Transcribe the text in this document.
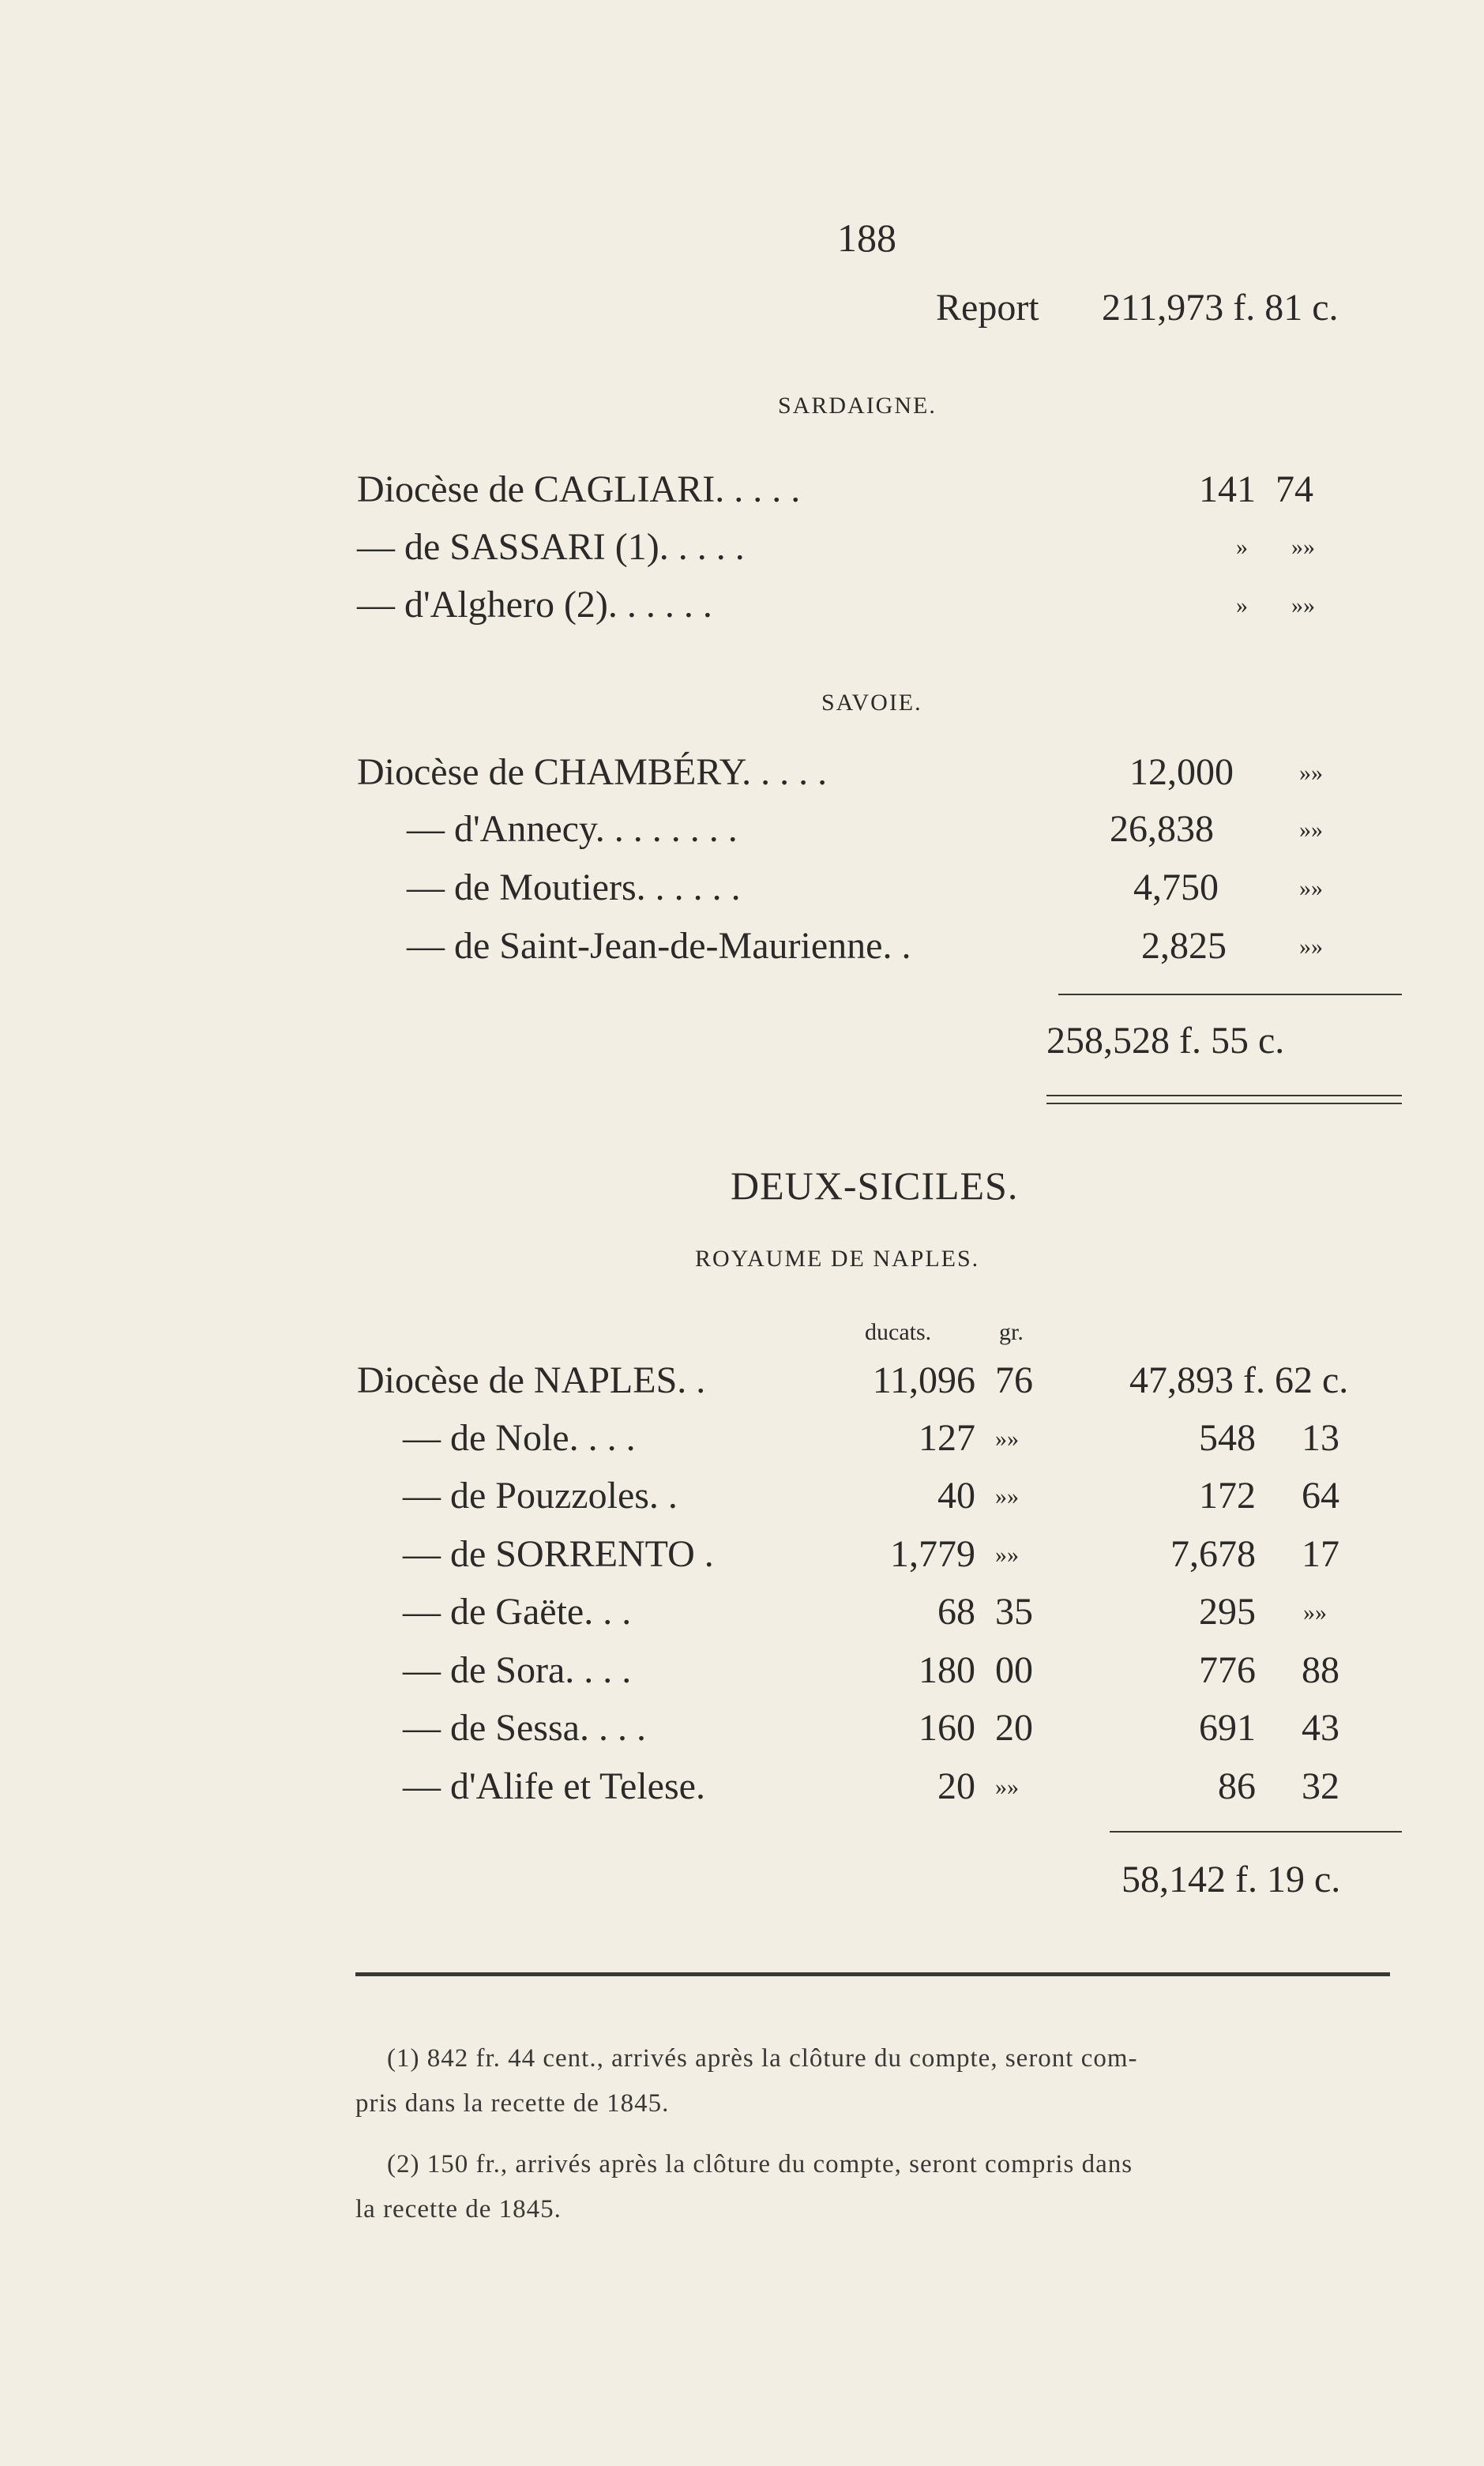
188
Report 211,973 f. 81 c.
SARDAIGNE.
Diocèse de CAGLIARI. . . . .	141 74
— de SASSARI (1). . . . .	» »»
— d'Alghero (2). . . . . .	» »»
SAVOIE.
Diocèse de CHAMBÉRY. . . . .	12,000	»»
— d'Annecy. . . . . . . .	26,838	»»
— de Moutiers. . . . . .	4,750	»»
— de Saint-Jean-de-Maurienne. .	2,825	»»
258,528 f. 55 c.
DEUX-SICILES.
ROYAUME DE NAPLES.
ducats.	gr.
Diocèse de NAPLES. .	11,096 76	47,893 f. 62 c.
— de Nole. . . .	127 »»	548 13
— de Pouzzoles. .	40 »»	172 64
— de SORRENTO .	1,779 »»	7,678 17
— de Gaëte. . .	68 35	295 »»
— de Sora. . . .	180 00	776 88
— de Sessa. . . .	160 20	691 43
— d'Alife et Telese.	20 »»	86 32
58,142 f. 19 c.
(1) 842 fr. 44 cent., arrivés après la clôture du compte, seront com-
pris dans la recette de 1845.
(2) 150 fr., arrivés après la clôture du compte, seront compris dans
la recette de 1845.
